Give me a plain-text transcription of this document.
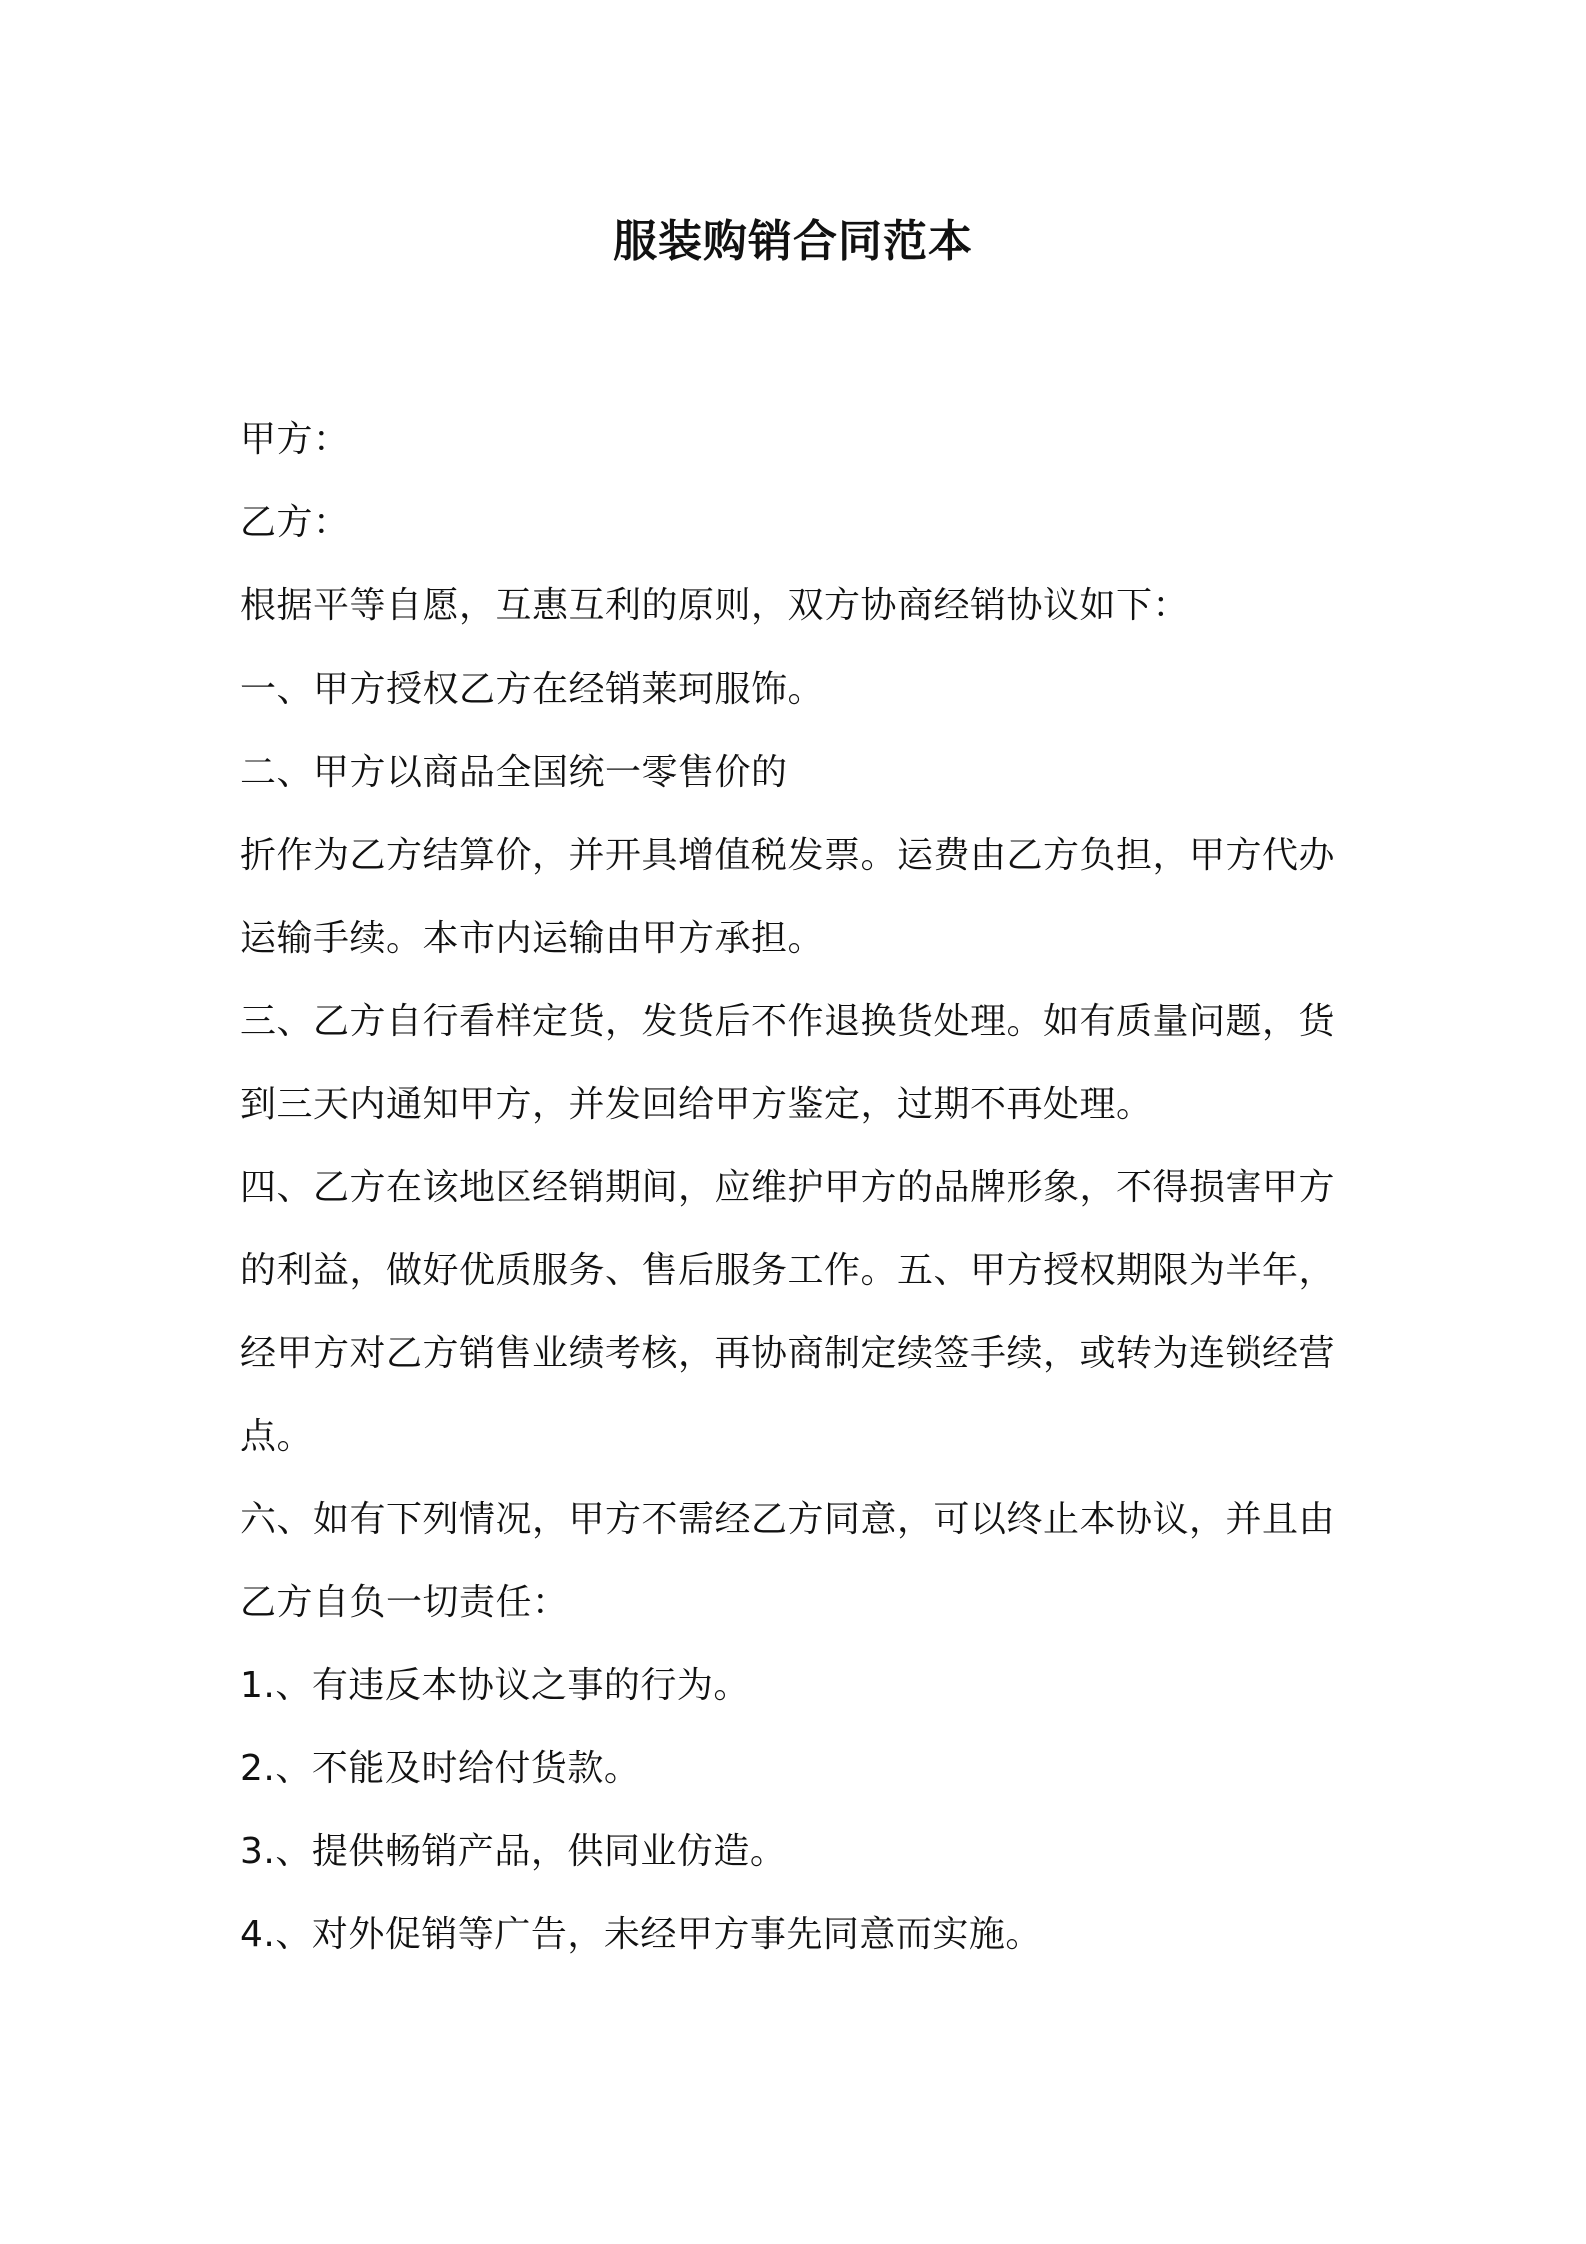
服装购销合同范本
甲方：
乙方：
根据平等自愿，互惠互利的原则，双方协商经销协议如下：
一、甲方授权乙方在经销莱珂服饰。
二、甲方以商品全国统一零售价的
折作为乙方结算价，并开具增值税发票。运费由乙方负担，甲方代办
运输手续。本市内运输由甲方承担。
三、乙方自行看样定货，发货后不作退换货处理。如有质量问题，货
到三天内通知甲方，并发回给甲方鉴定，过期不再处理。
四、乙方在该地区经销期间，应维护甲方的品牌形象，不得损害甲方
的利益，做好优质服务、售后服务工作。五、甲方授权期限为半年，
经甲方对乙方销售业绩考核，再协商制定续签手续，或转为连锁经营
点。
六、如有下列情况，甲方不需经乙方同意，可以终止本协议，并且由
乙方自负一切责任：
1.、有违反本协议之事的行为。
2.、不能及时给付货款。
3.、提供畅销产品，供同业仿造。
4.、对外促销等广告，未经甲方事先同意而实施。
